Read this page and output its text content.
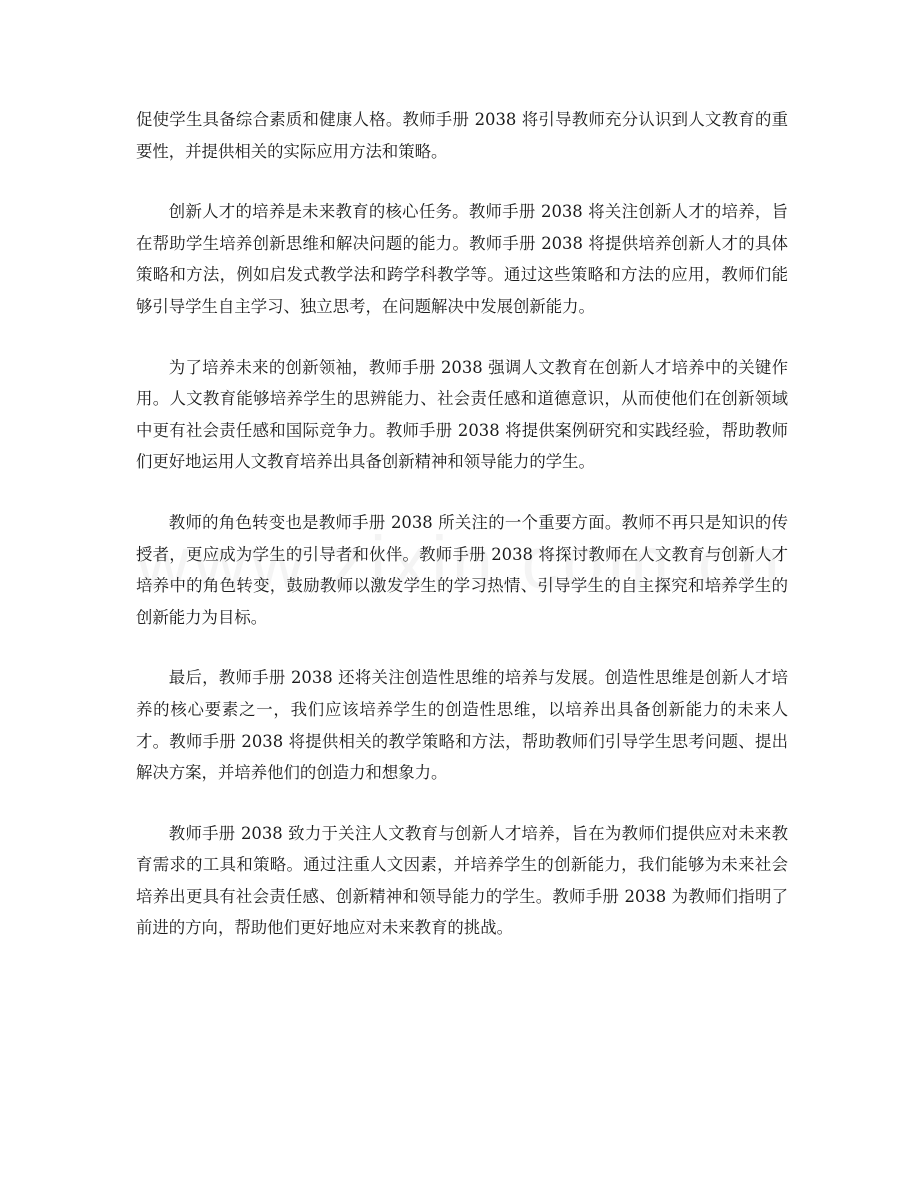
促使学生具备综合素质和健康人格。教师手册 2038 将引导教师充分认识到人文教育的重要性，并提供相关的实际应用方法和策略。

创新人才的培养是未来教育的核心任务。教师手册 2038 将关注创新人才的培养，旨在帮助学生培养创新思维和解决问题的能力。教师手册 2038 将提供培养创新人才的具体策略和方法，例如启发式教学法和跨学科教学等。通过这些策略和方法的应用，教师们能够引导学生自主学习、独立思考，在问题解决中发展创新能力。

为了培养未来的创新领袖，教师手册 2038 强调人文教育在创新人才培养中的关键作用。人文教育能够培养学生的思辨能力、社会责任感和道德意识，从而使他们在创新领域中更有社会责任感和国际竞争力。教师手册 2038 将提供案例研究和实践经验，帮助教师们更好地运用人文教育培养出具备创新精神和领导能力的学生。

教师的角色转变也是教师手册 2038 所关注的一个重要方面。教师不再只是知识的传授者，更应成为学生的引导者和伙伴。教师手册 2038 将探讨教师在人文教育与创新人才培养中的角色转变，鼓励教师以激发学生的学习热情、引导学生的自主探究和培养学生的创新能力为目标。

最后，教师手册 2038 还将关注创造性思维的培养与发展。创造性思维是创新人才培养的核心要素之一，我们应该培养学生的创造性思维，以培养出具备创新能力的未来人才。教师手册 2038 将提供相关的教学策略和方法，帮助教师们引导学生思考问题、提出解决方案，并培养他们的创造力和想象力。

教师手册 2038 致力于关注人文教育与创新人才培养，旨在为教师们提供应对未来教育需求的工具和策略。通过注重人文因素，并培养学生的创新能力，我们能够为未来社会培养出更具有社会责任感、创新精神和领导能力的学生。教师手册 2038 为教师们指明了前进的方向，帮助他们更好地应对未来教育的挑战。
